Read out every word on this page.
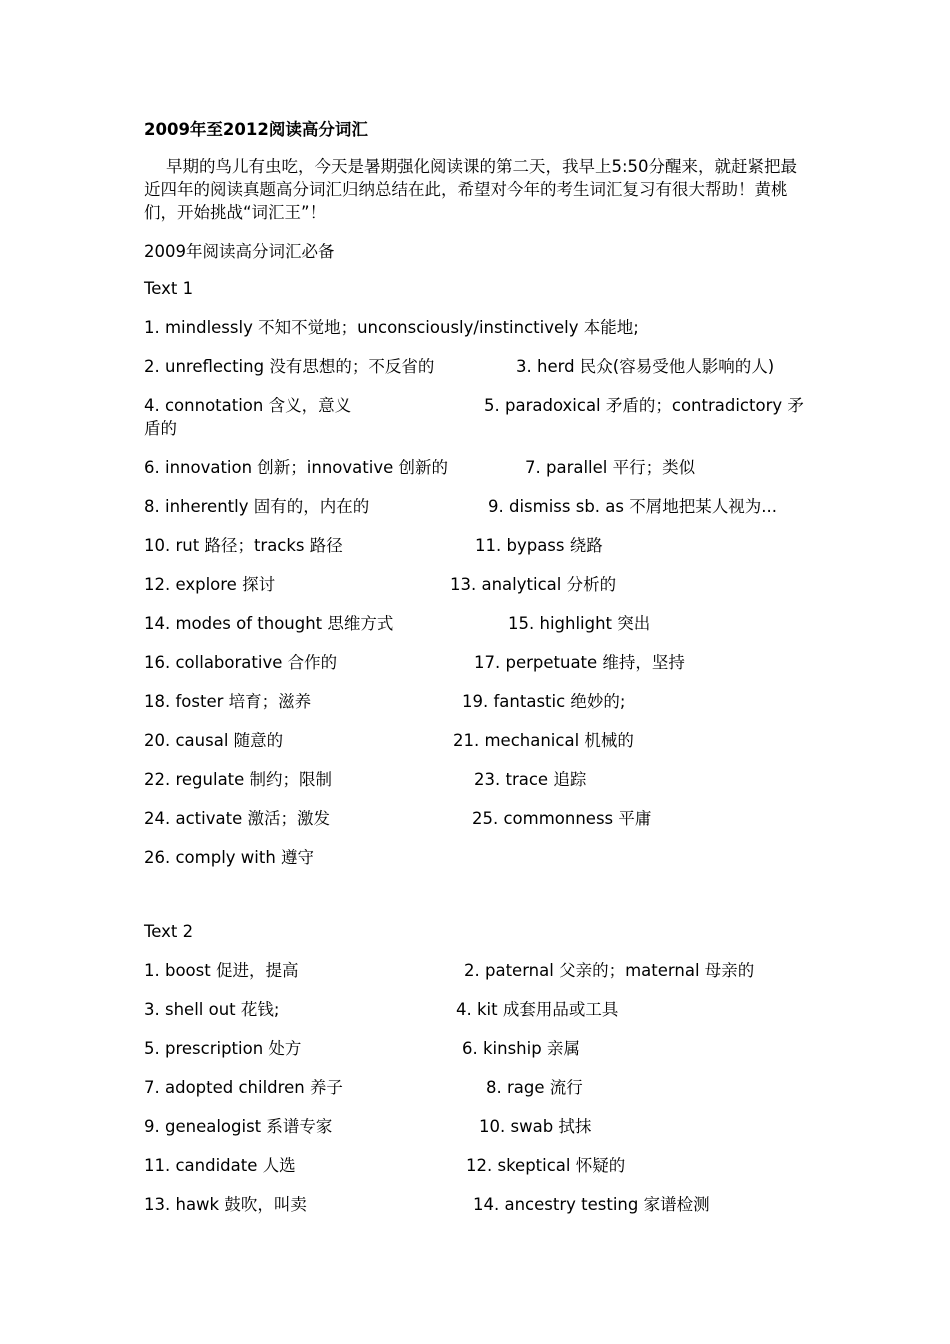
2009年至2012阅读高分词汇
早期的鸟儿有虫吃，今天是暑期强化阅读课的第二天，我早上5:50分醒来，就赶紧把最近四年的阅读真题高分词汇归纳总结在此，希望对今年的考生词汇复习有很大帮助！黄桃们，开始挑战“词汇王”！
2009年阅读高分词汇必备
Text 1
1. mindlessly 不知不觉地；unconsciously/instinctively 本能地;
2. unreflecting 没有思想的；不反省的	3. herd 民众(容易受他人影响的人)
4. connotation 含义，意义	5. paradoxical 矛盾的；contradictory 矛盾的
6. innovation 创新；innovative 创新的	7. parallel 平行；类似
8. inherently 固有的，内在的	9. dismiss sb. as 不屑地把某人视为...
10. rut 路径；tracks 路径	11. bypass 绕路
12. explore 探讨	13. analytical 分析的
14. modes of thought 思维方式	15. highlight 突出
16. collaborative 合作的	17. perpetuate 维持，坚持
18. foster 培育；滋养	19. fantastic 绝妙的;
20. causal 随意的	21. mechanical 机械的
22. regulate 制约；限制	23. trace 追踪
24. activate 激活；激发	25. commonness 平庸
26. comply with 遵守
Text 2
1. boost 促进，提高	2. paternal 父亲的；maternal 母亲的
3. shell out 花钱;	4. kit 成套用品或工具
5. prescription 处方	6. kinship 亲属
7. adopted children 养子	8. rage 流行
9. genealogist 系谱专家	10. swab 拭抹
11. candidate 人选	12. skeptical 怀疑的
13. hawk 鼓吹，叫卖	14. ancestry testing 家谱检测
